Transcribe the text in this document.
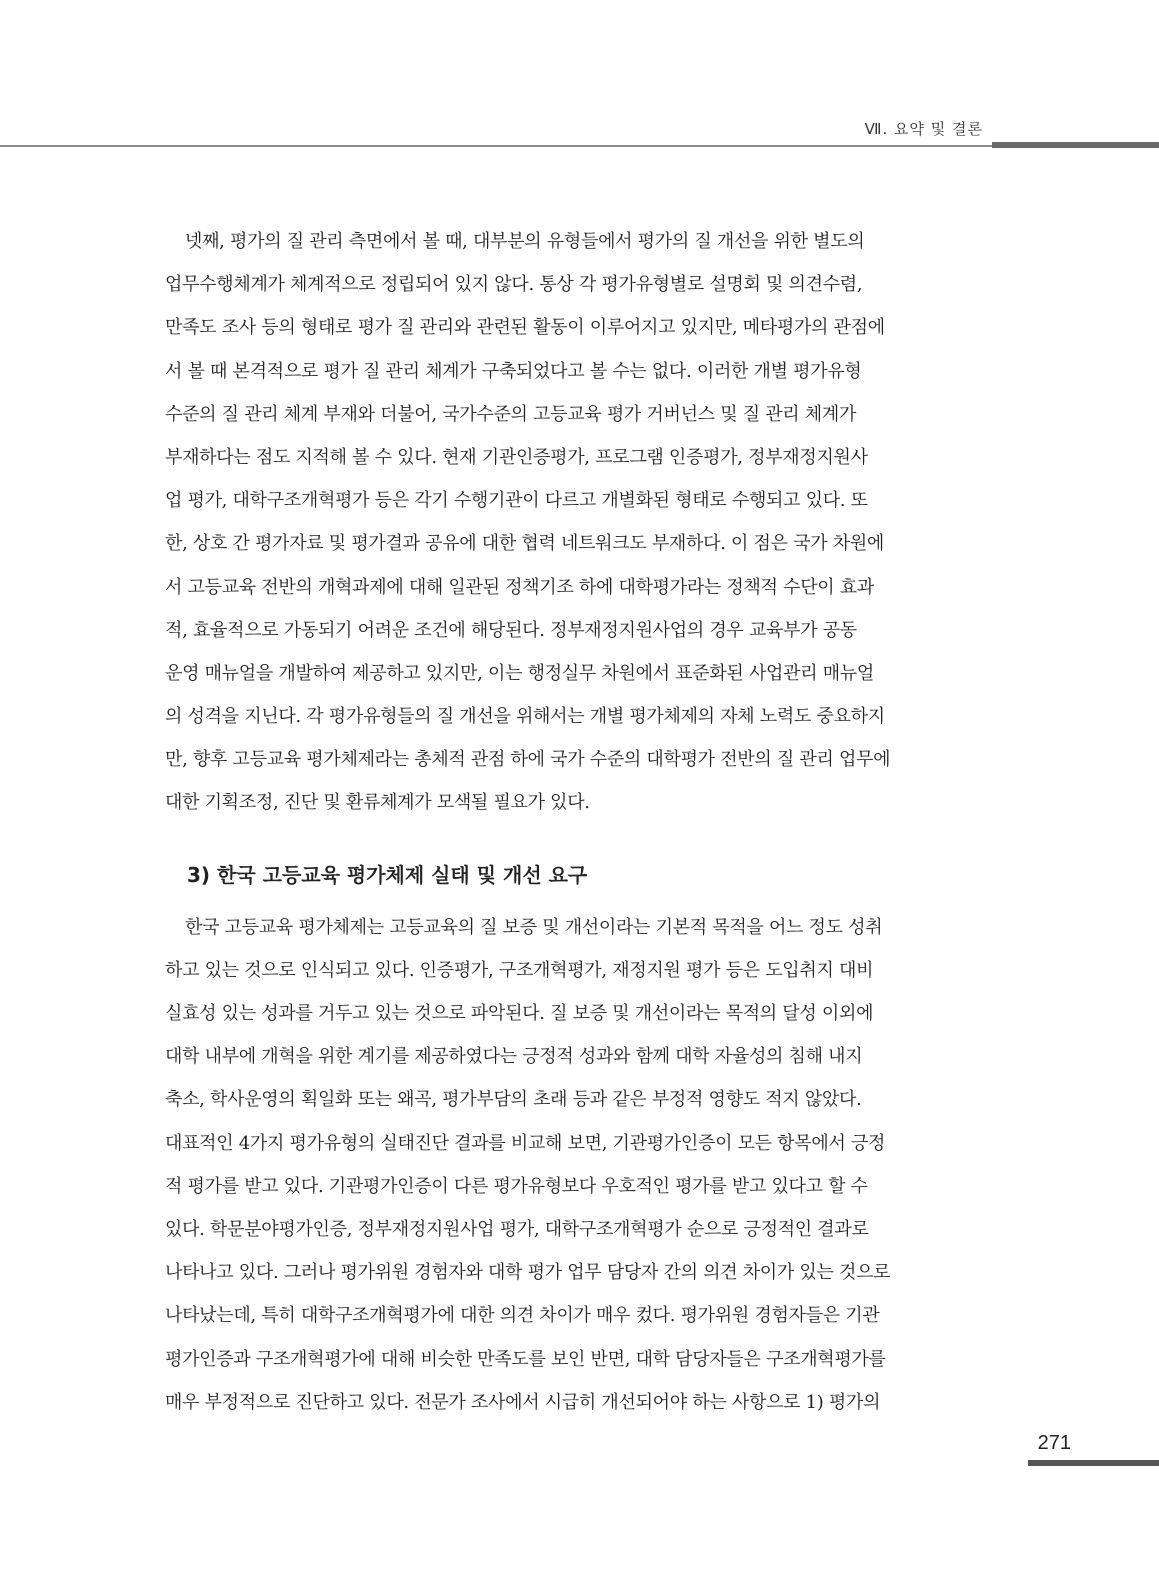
Ⅶ. 요약 및 결론
넷째, 평가의 질 관리 측면에서 볼 때, 대부분의 유형들에서 평가의 질 개선을 위한 별도의
업무수행체계가 체계적으로 정립되어 있지 않다. 통상 각 평가유형별로 설명회 및 의견수렴,
만족도 조사 등의 형태로 평가 질 관리와 관련된 활동이 이루어지고 있지만, 메타평가의 관점에
서 볼 때 본격적으로 평가 질 관리 체계가 구축되었다고 볼 수는 없다. 이러한 개별 평가유형
수준의 질 관리 체계 부재와 더불어, 국가수준의 고등교육 평가 거버넌스 및 질 관리 체계가
부재하다는 점도 지적해 볼 수 있다. 현재 기관인증평가, 프로그램 인증평가, 정부재정지원사
업 평가, 대학구조개혁평가 등은 각기 수행기관이 다르고 개별화된 형태로 수행되고 있다. 또
한, 상호 간 평가자료 및 평가결과 공유에 대한 협력 네트워크도 부재하다. 이 점은 국가 차원에
서 고등교육 전반의 개혁과제에 대해 일관된 정책기조 하에 대학평가라는 정책적 수단이 효과
적, 효율적으로 가동되기 어려운 조건에 해당된다. 정부재정지원사업의 경우 교육부가 공동
운영 매뉴얼을 개발하여 제공하고 있지만, 이는 행정실무 차원에서 표준화된 사업관리 매뉴얼
의 성격을 지닌다. 각 평가유형들의 질 개선을 위해서는 개별 평가체제의 자체 노력도 중요하지
만, 향후 고등교육 평가체제라는 총체적 관점 하에 국가 수준의 대학평가 전반의 질 관리 업무에
대한 기획조정, 진단 및 환류체계가 모색될 필요가 있다.
3) 한국 고등교육 평가체제 실태 및 개선 요구
한국 고등교육 평가체제는 고등교육의 질 보증 및 개선이라는 기본적 목적을 어느 정도 성취
하고 있는 것으로 인식되고 있다. 인증평가, 구조개혁평가, 재정지원 평가 등은 도입취지 대비
실효성 있는 성과를 거두고 있는 것으로 파악된다. 질 보증 및 개선이라는 목적의 달성 이외에
대학 내부에 개혁을 위한 계기를 제공하였다는 긍정적 성과와 함께 대학 자율성의 침해 내지
축소, 학사운영의 획일화 또는 왜곡, 평가부담의 초래 등과 같은 부정적 영향도 적지 않았다.
대표적인 4가지 평가유형의 실태진단 결과를 비교해 보면, 기관평가인증이 모든 항목에서 긍정
적 평가를 받고 있다. 기관평가인증이 다른 평가유형보다 우호적인 평가를 받고 있다고 할 수
있다. 학문분야평가인증, 정부재정지원사업 평가, 대학구조개혁평가 순으로 긍정적인 결과로
나타나고 있다. 그러나 평가위원 경험자와 대학 평가 업무 담당자 간의 의견 차이가 있는 것으로
나타났는데, 특히 대학구조개혁평가에 대한 의견 차이가 매우 컸다. 평가위원 경험자들은 기관
평가인증과 구조개혁평가에 대해 비슷한 만족도를 보인 반면, 대학 담당자들은 구조개혁평가를
매우 부정적으로 진단하고 있다. 전문가 조사에서 시급히 개선되어야 하는 사항으로 1) 평가의
271
